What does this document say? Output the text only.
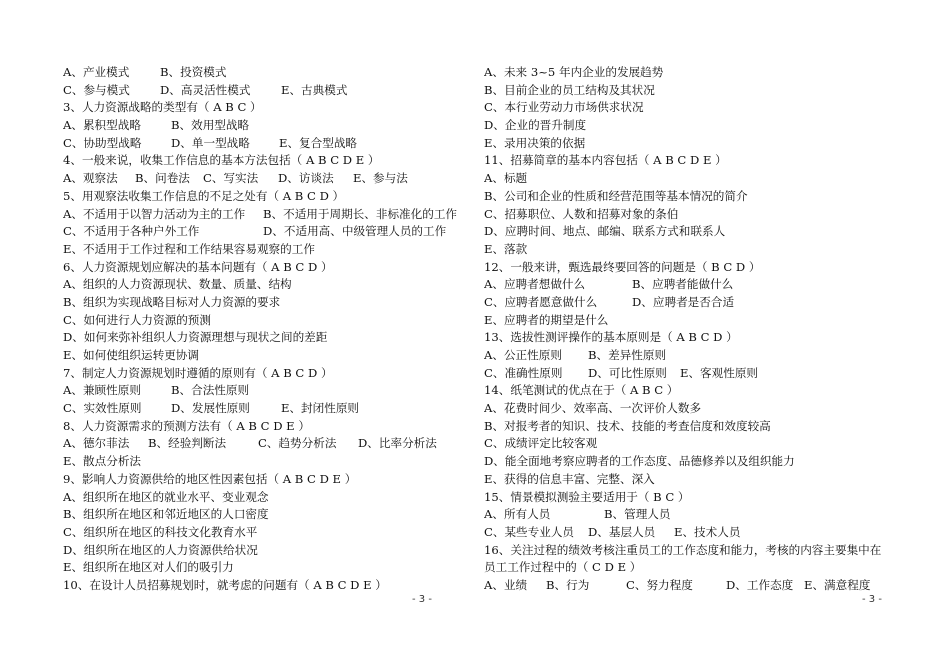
A、产业模式	B、投资模式
C、参与模式	D、高灵活性模式	E、古典模式
3、人力资源战略的类型有（ A B C ）
A、累积型战略	B、效用型战略
C、协助型战略	D、单一型战略	E、复合型战略
4、一般来说，收集工作信息的基本方法包括（ A B C D E ）
A、观察法 B、问卷法 C、写实法 D、访谈法 E、参与法
5、用观察法收集工作信息的不足之处有（ A B C D ）
A、不适用于以智力活动为主的工作 B、不适用于周期长、非标准化的工作
C、不适用于各种户外工作	D、不适用高、中级管理人员的工作
E、不适用于工作过程和工作结果容易观察的工作
6、人力资源规划应解决的基本问题有（ A B C D ）
A、组织的人力资源现状、数量、质量、结构
B、组织为实现战略目标对人力资源的要求
C、如何进行人力资源的预测
D、如何来弥补组织人力资源理想与现状之间的差距
E、如何使组织运转更协调
7、制定人力资源规划时遵循的原则有（ A B C D ）
A、兼顾性原则	B、合法性原则
C、实效性原则	D、发展性原则	E、封闭性原则
8、人力资源需求的预测方法有（ A B C D E ）
A、德尔菲法 B、经验判断法	C、趋势分析法 D、比率分析法
E、散点分析法
9、影响人力资源供给的地区性因素包括（ A B C D E ）
A、组织所在地区的就业水平、变业观念
B、组织所在地区和邻近地区的人口密度
C、组织所在地区的科技文化教育水平
D、组织所在地区的人力资源供给状况
E、组织所在地区对人们的吸引力
10、在设计人员招募规划时，就考虑的问题有（ A B C D E ）
A、未来 3~5 年内企业的发展趋势
B、目前企业的员工结构及其状况
C、本行业劳动力市场供求状况
D、企业的晋升制度
E、录用决策的依据
11、招募简章的基本内容包括（ A B C D E ）
A、标题
B、公司和企业的性质和经营范围等基本情况的简介
C、招募职位、人数和招募对象的条伯
D、应聘时间、地点、邮编、联系方式和联系人
E、落款
12、一般来讲，甄选最终要回答的问题是（ B C D ）
A、应聘者想做什么	B、应聘者能做什么
C、应聘者愿意做什么	D、应聘者是否合适
E、应聘者的期望是什么
13、选拔性测评操作的基本原则是（ A B C D ）
A、公正性原则 B、差异性原则
C、准确性原则 D、可比性原则 E、客观性原则
14、纸笔测试的优点在于（ A B C ）
A、花费时间少、效率高、一次评价人数多
B、对报考者的知识、技术、技能的考查信度和效度较高
C、成绩评定比较客观
D、能全面地考察应聘者的工作态度、品德修养以及组织能力
E、获得的信息丰富、完整、深入
15、情景模拟测验主要适用于（ B C ）
A、所有人员	B、管理人员
C、某些专业人员 D、基层人员 E、技术人员
16、关注过程的绩效考核注重员工的工作态度和能力，考核的内容主要集中在
员工工作过程中的（ C D E ）
A、业绩 B、行为	C、努力程度	D、工作态度 E、满意程度
- 3 -	- 3 -
